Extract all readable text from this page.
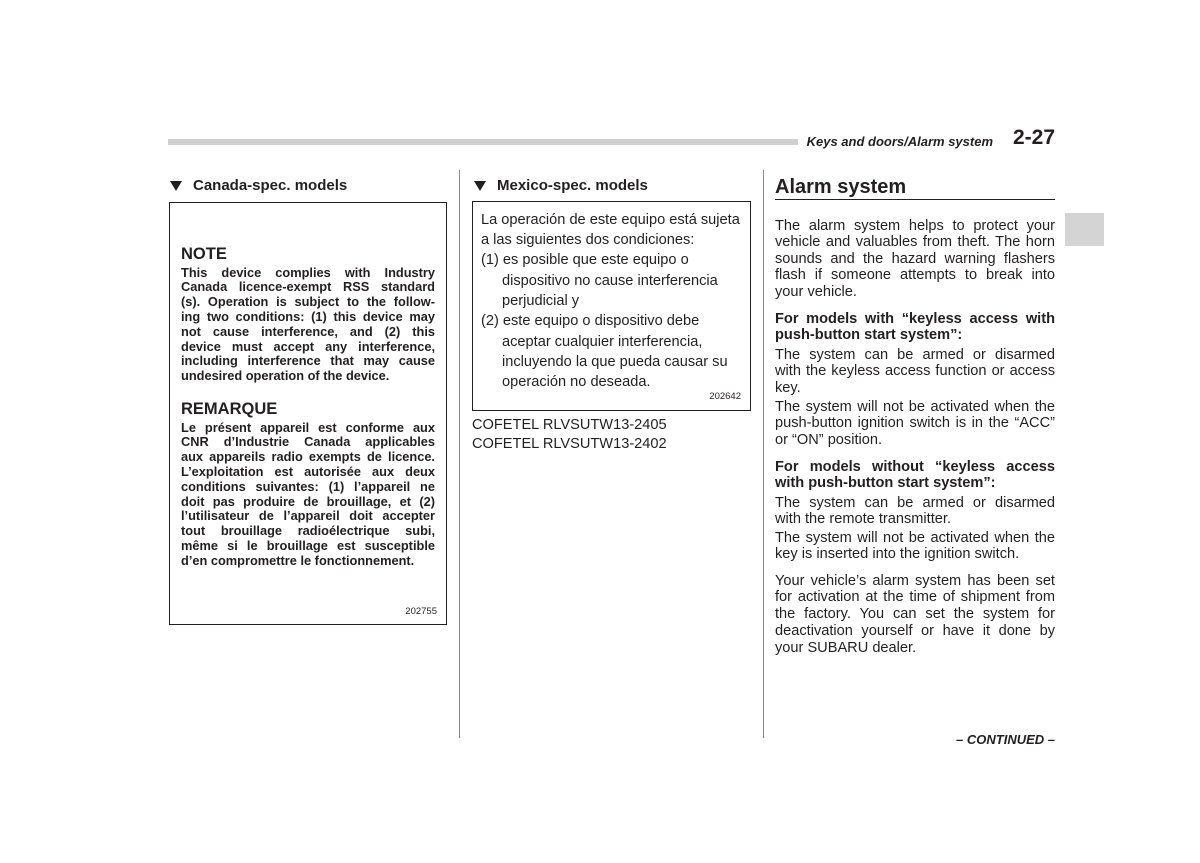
Keys and doors/Alarm system 2-27
Canada-spec. models
NOTE
This device complies with Industry
Canada licence-exempt RSS standard
(s). Operation is subject to the follow-
ing two conditions: (1) this device may
not cause interference, and (2) this
device must accept any interference,
including interference that may cause
undesired operation of the device.
REMARQUE
Le présent appareil est conforme aux
CNR d’Industrie Canada applicables
aux appareils radio exempts de licence.
L’exploitation est autorisée aux deux
conditions suivantes: (1) l’appareil ne
doit pas produire de brouillage, et (2)
l’utilisateur de l’appareil doit accepter
tout brouillage radioélectrique subi,
même si le brouillage est susceptible
d’en compromettre le fonctionnement.
202755
Mexico-spec. models
La operación de este equipo está sujeta
a las siguientes dos condiciones:
(1) es posible que este equipo o
dispositivo no cause interferencia
perjudicial y
(2) este equipo o dispositivo debe
aceptar cualquier interferencia,
incluyendo la que pueda causar su
operación no deseada.
202642
COFETEL RLVSUTW13-2405
COFETEL RLVSUTW13-2402
Alarm system
The alarm system helps to protect your
vehicle and valuables from theft. The horn
sounds and the hazard warning flashers
flash if someone attempts to break into
your vehicle.
For models with “keyless access with
push-button start system”:
The system can be armed or disarmed
with the keyless access function or access
key.
The system will not be activated when the
push-button ignition switch is in the “ACC”
or “ON” position.
For models without “keyless access
with push-button start system”:
The system can be armed or disarmed
with the remote transmitter.
The system will not be activated when the
key is inserted into the ignition switch.
Your vehicle’s alarm system has been set
for activation at the time of shipment from
the factory. You can set the system for
deactivation yourself or have it done by
your SUBARU dealer.
– CONTINUED –
